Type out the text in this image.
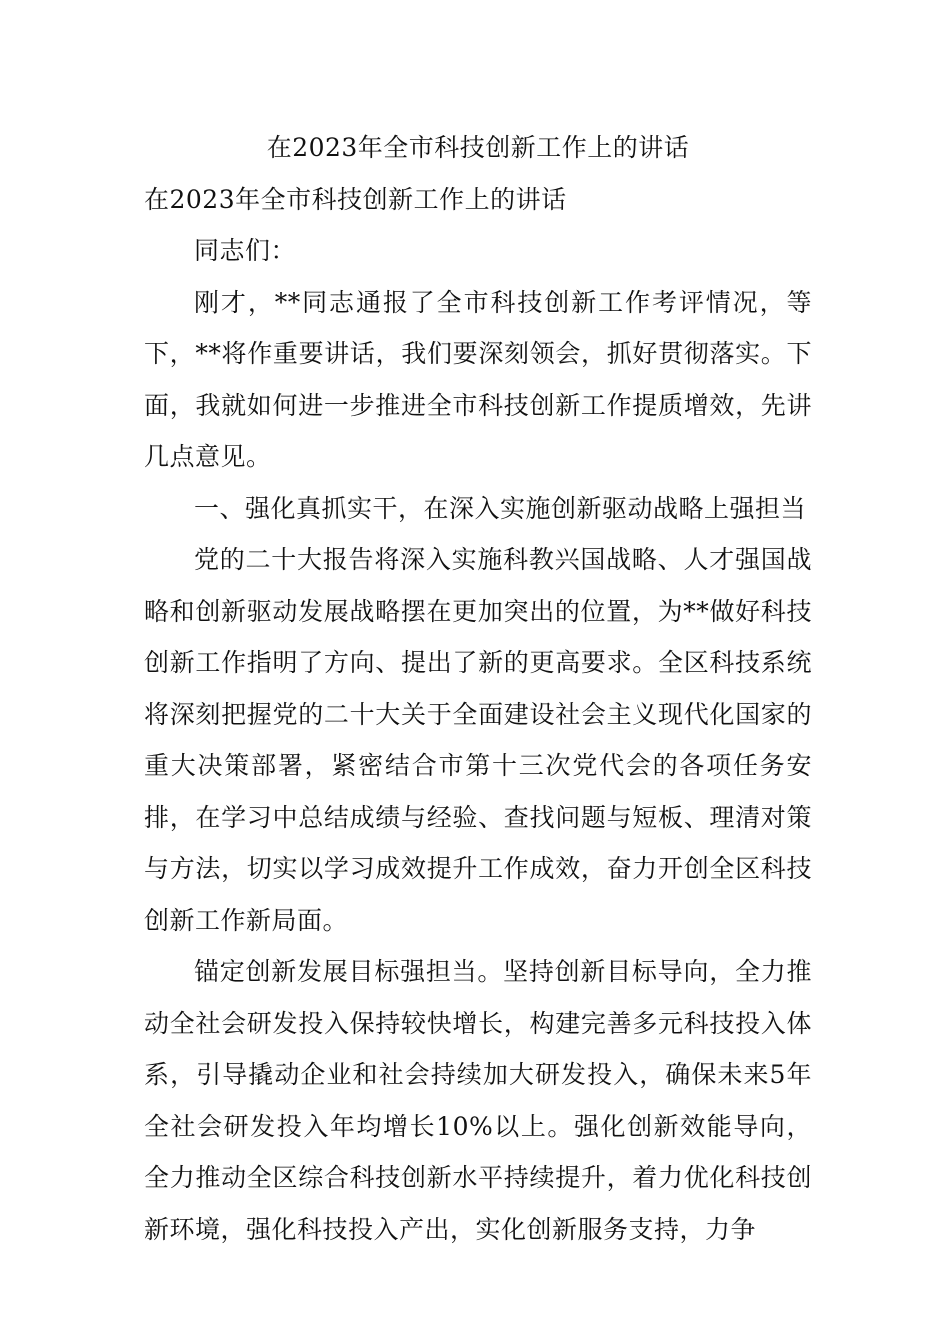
在2023年全市科技创新工作上的讲话

在2023年全市科技创新工作上的讲话

同志们：

刚才，**同志通报了全市科技创新工作考评情况，等下，**将作重要讲话，我们要深刻领会，抓好贯彻落实。下面，我就如何进一步推进全市科技创新工作提质增效，先讲几点意见。

一、强化真抓实干，在深入实施创新驱动战略上强担当

党的二十大报告将深入实施科教兴国战略、人才强国战略和创新驱动发展战略摆在更加突出的位置，为**做好科技创新工作指明了方向、提出了新的更高要求。全区科技系统将深刻把握党的二十大关于全面建设社会主义现代化国家的重大决策部署，紧密结合市第十三次党代会的各项任务安排，在学习中总结成绩与经验、查找问题与短板、理清对策与方法，切实以学习成效提升工作成效，奋力开创全区科技创新工作新局面。

锚定创新发展目标强担当。坚持创新目标导向，全力推动全社会研发投入保持较快增长，构建完善多元科技投入体系，引导撬动企业和社会持续加大研发投入，确保未来5年全社会研发投入年均增长10%以上。强化创新效能导向，全力推动全区综合科技创新水平持续提升，着力优化科技创新环境，强化科技投入产出，实化创新服务支持，力争
